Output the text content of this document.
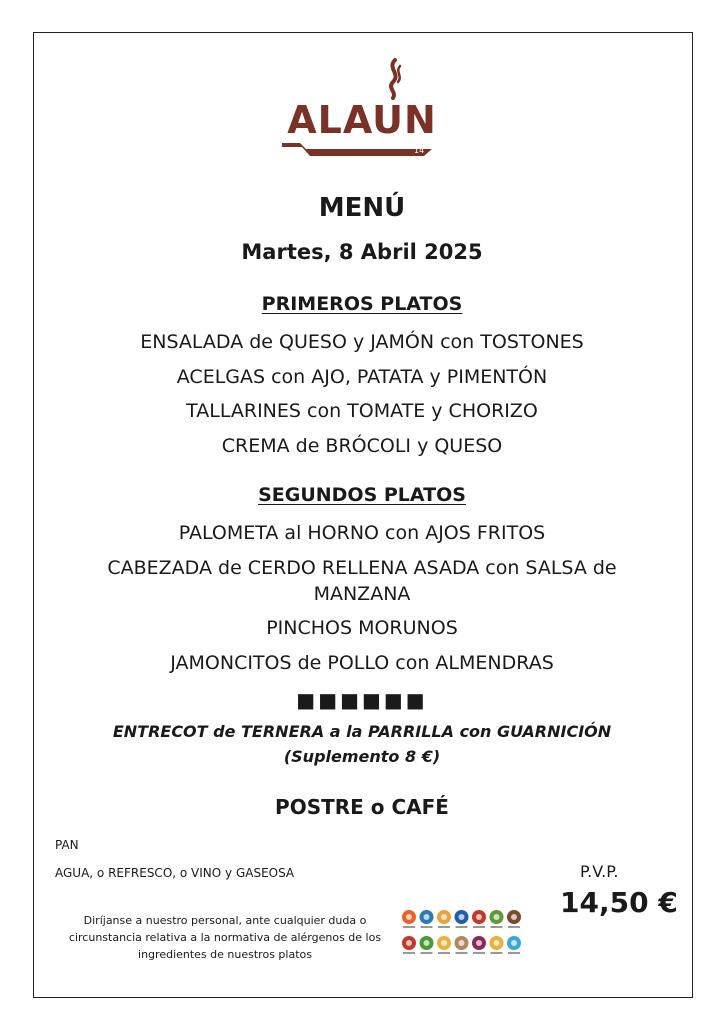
ALAUN
14
MENÚ
Martes, 8 Abril 2025
PRIMEROS PLATOS
ENSALADA de QUESO y JAMÓN con TOSTONES
ACELGAS con AJO, PATATA y PIMENTÓN
TALLARINES con TOMATE y CHORIZO
CREMA de BRÓCOLI y QUESO
SEGUNDOS PLATOS
PALOMETA al HORNO con AJOS FRITOS
CABEZADA de CERDO RELLENA ASADA con SALSA de MANZANA
PINCHOS MORUNOS
JAMONCITOS de POLLO con ALMENDRAS
■■■■■■
ENTRECOT de TERNERA a la PARRILLA con GUARNICIÓN
(Suplemento 8 €)
POSTRE o CAFÉ
PAN
AGUA, o REFRESCO, o VINO y GASEOSA	P.V.P.
14,50 €
Diríjanse a nuestro personal, ante cualquier duda o circunstancia relativa a la normativa de alérgenos de los ingredientes de nuestros platos
